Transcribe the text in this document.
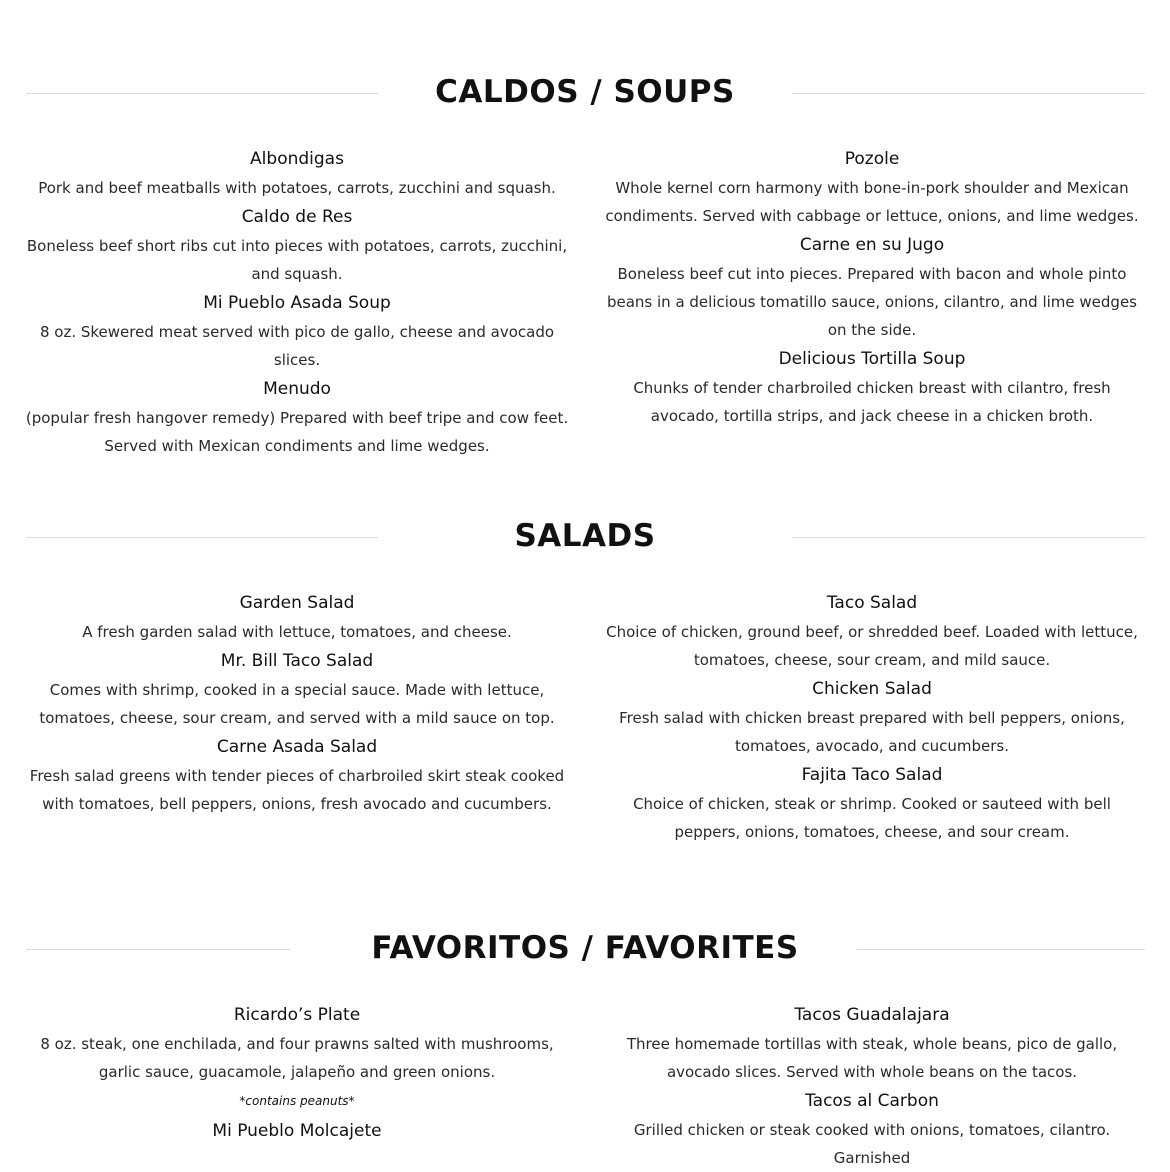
CALDOS / SOUPS
Albondigas
Pork and beef meatballs with potatoes, carrots, zucchini and squash.
Caldo de Res
Boneless beef short ribs cut into pieces with potatoes, carrots, zucchini, and squash.
Mi Pueblo Asada Soup
8 oz. Skewered meat served with pico de gallo, cheese and avocado slices.
Menudo
(popular fresh hangover remedy) Prepared with beef tripe and cow feet. Served with Mexican condiments and lime wedges.
Pozole
Whole kernel corn harmony with bone-in-pork shoulder and Mexican condiments. Served with cabbage or lettuce, onions, and lime wedges.
Carne en su Jugo
Boneless beef cut into pieces. Prepared with bacon and whole pinto beans in a delicious tomatillo sauce, onions, cilantro, and lime wedges on the side.
Delicious Tortilla Soup
Chunks of tender charbroiled chicken breast with cilantro, fresh avocado, tortilla strips, and jack cheese in a chicken broth.
SALADS
Garden Salad
A fresh garden salad with lettuce, tomatoes, and cheese.
Mr. Bill Taco Salad
Comes with shrimp, cooked in a special sauce. Made with lettuce, tomatoes, cheese, sour cream, and served with a mild sauce on top.
Carne Asada Salad
Fresh salad greens with tender pieces of charbroiled skirt steak cooked with tomatoes, bell peppers, onions, fresh avocado and cucumbers.
Taco Salad
Choice of chicken, ground beef, or shredded beef. Loaded with lettuce, tomatoes, cheese, sour cream, and mild sauce.
Chicken Salad
Fresh salad with chicken breast prepared with bell peppers, onions, tomatoes, avocado, and cucumbers.
Fajita Taco Salad
Choice of chicken, steak or shrimp. Cooked or sauteed with bell peppers, onions, tomatoes, cheese, and sour cream.
FAVORITOS / FAVORITES
Ricardo’s Plate
8 oz. steak, one enchilada, and four prawns salted with mushrooms, garlic sauce, guacamole, jalapeño and green onions.
*contains peanuts*
Mi Pueblo Molcajete
Tacos Guadalajara
Three homemade tortillas with steak, whole beans, pico de gallo, avocado slices. Served with whole beans on the tacos.
Tacos al Carbon
Grilled chicken or steak cooked with onions, tomatoes, cilantro. Garnished
